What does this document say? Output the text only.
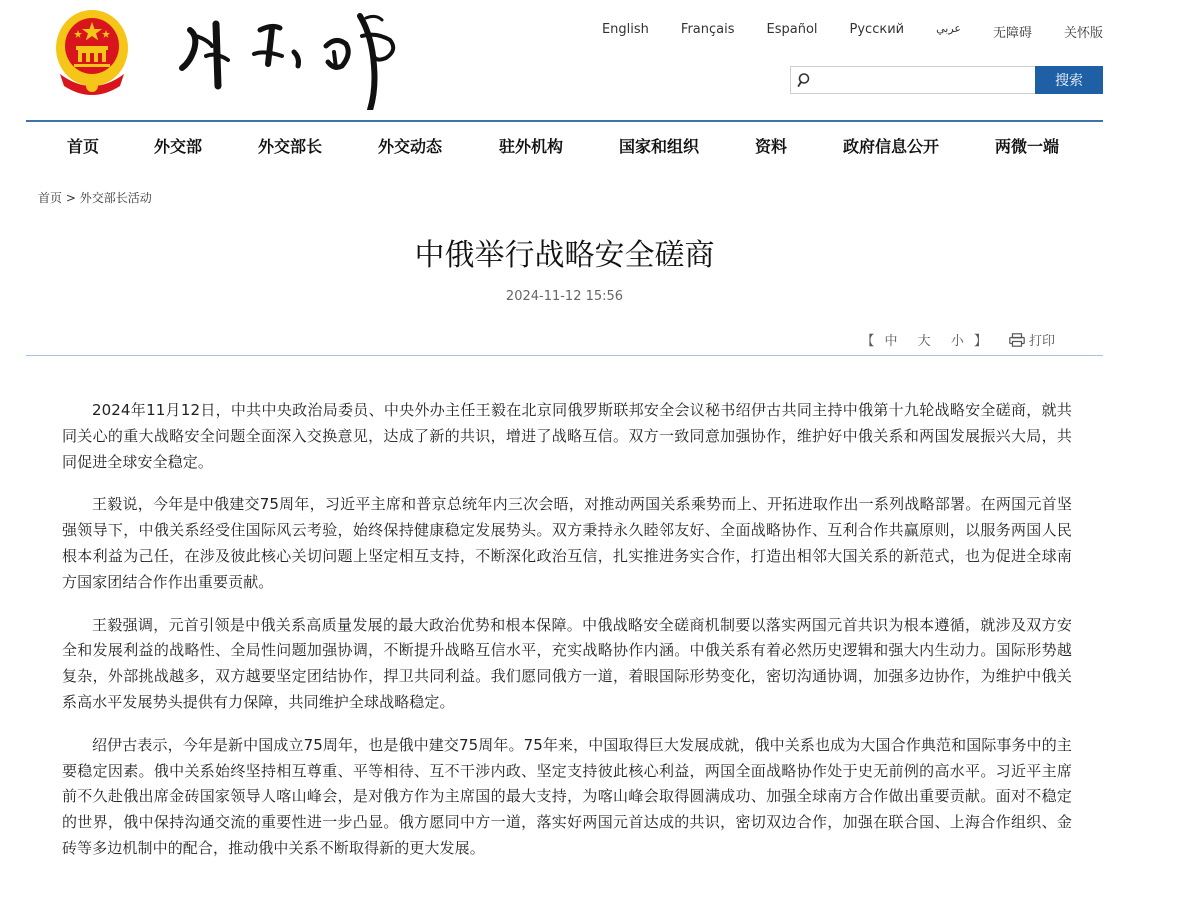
English Français Español Русский	عربي 无障碍 关怀版
搜索
首页	外交部	外交部长	外交动态	驻外机构	国家和组织	资料	政府信息公开	两微一端
首页 > 外交部长活动
中俄举行战略安全磋商
2024-11-12 15:56
【 中 大 小 】	打印

2024年11月12日，中共中央政治局委员、中央外办主任王毅在北京同俄罗斯联邦安全会议秘书绍伊古共同主持中俄第十九轮战略安全磋商，就共同关心的重大战略安全问题全面深入交换意见，达成了新的共识，增进了战略互信。双方一致同意加强协作，维护好中俄关系和两国发展振兴大局，共同促进全球安全稳定。

王毅说，今年是中俄建交75周年，习近平主席和普京总统年内三次会晤，对推动两国关系乘势而上、开拓进取作出一系列战略部署。在两国元首坚强领导下，中俄关系经受住国际风云考验，始终保持健康稳定发展势头。双方秉持永久睦邻友好、全面战略协作、互利合作共赢原则，以服务两国人民根本利益为己任，在涉及彼此核心关切问题上坚定相互支持，不断深化政治互信，扎实推进务实合作，打造出相邻大国关系的新范式，也为促进全球南方国家团结合作作出重要贡献。

王毅强调，元首引领是中俄关系高质量发展的最大政治优势和根本保障。中俄战略安全磋商机制要以落实两国元首共识为根本遵循，就涉及双方安全和发展利益的战略性、全局性问题加强协调，不断提升战略互信水平，充实战略协作内涵。中俄关系有着必然历史逻辑和强大内生动力。国际形势越复杂，外部挑战越多，双方越要坚定团结协作，捍卫共同利益。我们愿同俄方一道，着眼国际形势变化，密切沟通协调，加强多边协作，为维护中俄关系高水平发展势头提供有力保障，共同维护全球战略稳定。

绍伊古表示，今年是新中国成立75周年，也是俄中建交75周年。75年来，中国取得巨大发展成就，俄中关系也成为大国合作典范和国际事务中的主要稳定因素。俄中关系始终坚持相互尊重、平等相待、互不干涉内政、坚定支持彼此核心利益，两国全面战略协作处于史无前例的高水平。习近平主席前不久赴俄出席金砖国家领导人喀山峰会，是对俄方作为主席国的最大支持，为喀山峰会取得圆满成功、加强全球南方合作做出重要贡献。面对不稳定的世界，俄中保持沟通交流的重要性进一步凸显。俄方愿同中方一道，落实好两国元首达成的共识，密切双边合作，加强在联合国、上海合作组织、金砖等多边机制中的配合，推动俄中关系不断取得新的更大发展。
